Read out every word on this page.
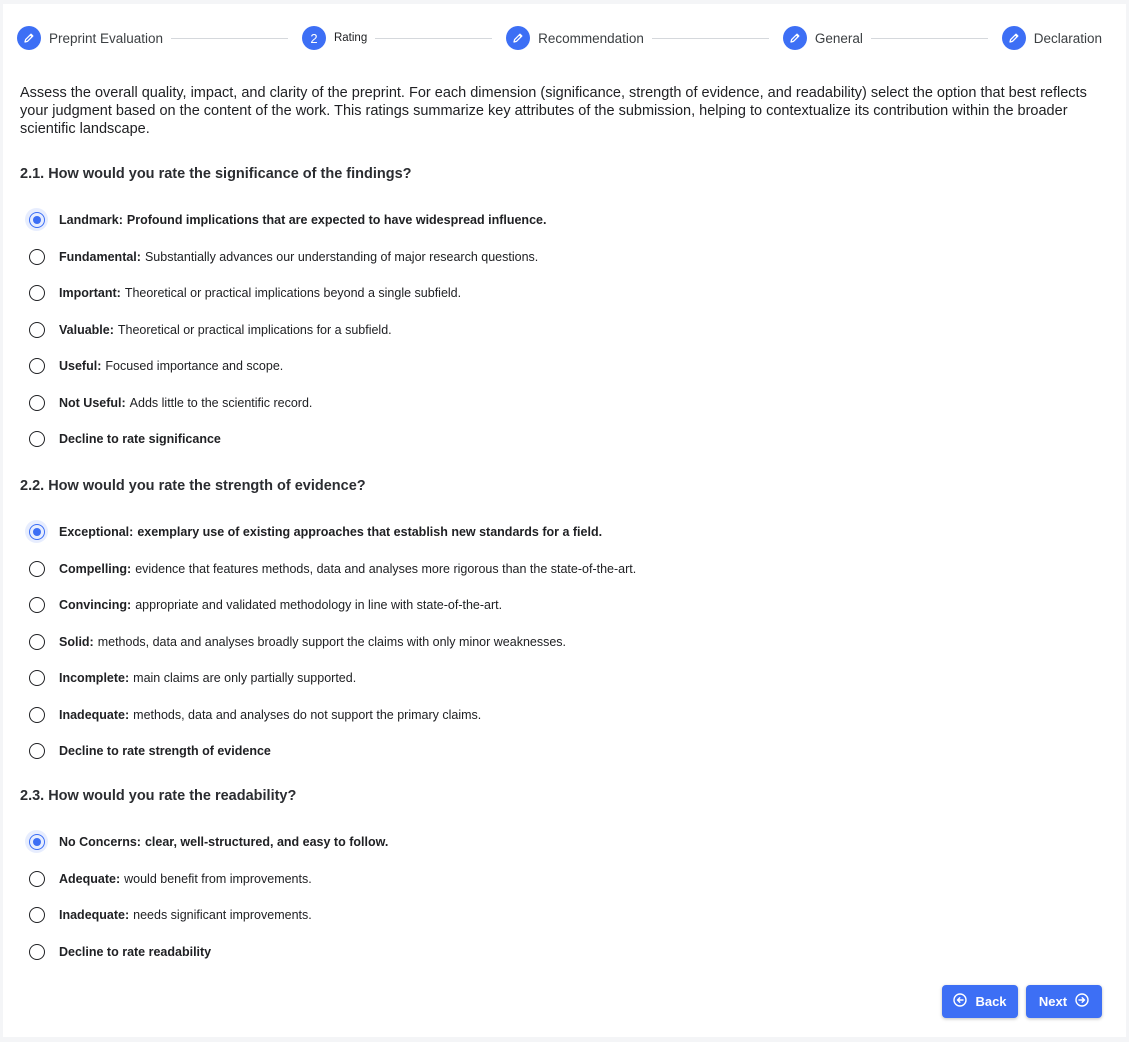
Preprint Evaluation	2	Rating	Recommendation	General	Declaration

Assess the overall quality, impact, and clarity of the preprint. For each dimension (significance, strength of evidence, and readability) select the option that best reflects your judgment based on the content of the work. This ratings summarize key attributes of the submission, helping to contextualize its contribution within the broader scientific landscape.

2.1. How would you rate the significance of the findings?
Landmark: Profound implications that are expected to have widespread influence.
Fundamental: Substantially advances our understanding of major research questions.
Important: Theoretical or practical implications beyond a single subfield.
Valuable: Theoretical or practical implications for a subfield.
Useful: Focused importance and scope.
Not Useful: Adds little to the scientific record.
Decline to rate significance
2.2. How would you rate the strength of evidence?
Exceptional: exemplary use of existing approaches that establish new standards for a field.
Compelling: evidence that features methods, data and analyses more rigorous than the state-of-the-art.
Convincing: appropriate and validated methodology in line with state-of-the-art.
Solid: methods, data and analyses broadly support the claims with only minor weaknesses.
Incomplete: main claims are only partially supported.
Inadequate: methods, data and analyses do not support the primary claims.
Decline to rate strength of evidence
2.3. How would you rate the readability?
No Concerns: clear, well-structured, and easy to follow.
Adequate: would benefit from improvements.
Inadequate: needs significant improvements.
Decline to rate readability
Back Next
